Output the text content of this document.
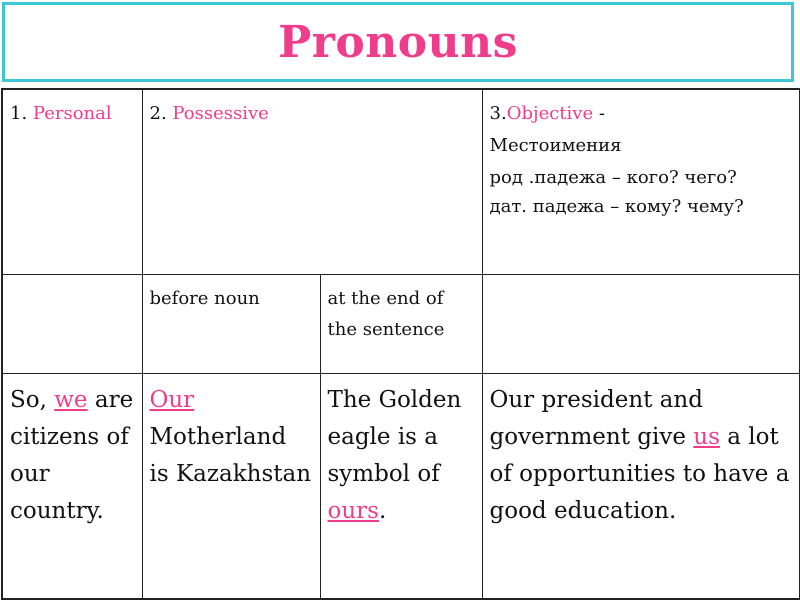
Pronouns
1. Personal	2. Possessive		3.Objective -
Местоимения
род .падежа – кого? чего?
дат. падежа – кому? чему?

	before noun	at the end of the sentence	
So, we are citizens of our country.	Our Motherland is Kazakhstan	The Golden eagle is a symbol of ours.	Our president and government give us a lot of opportunities to have a good education.
